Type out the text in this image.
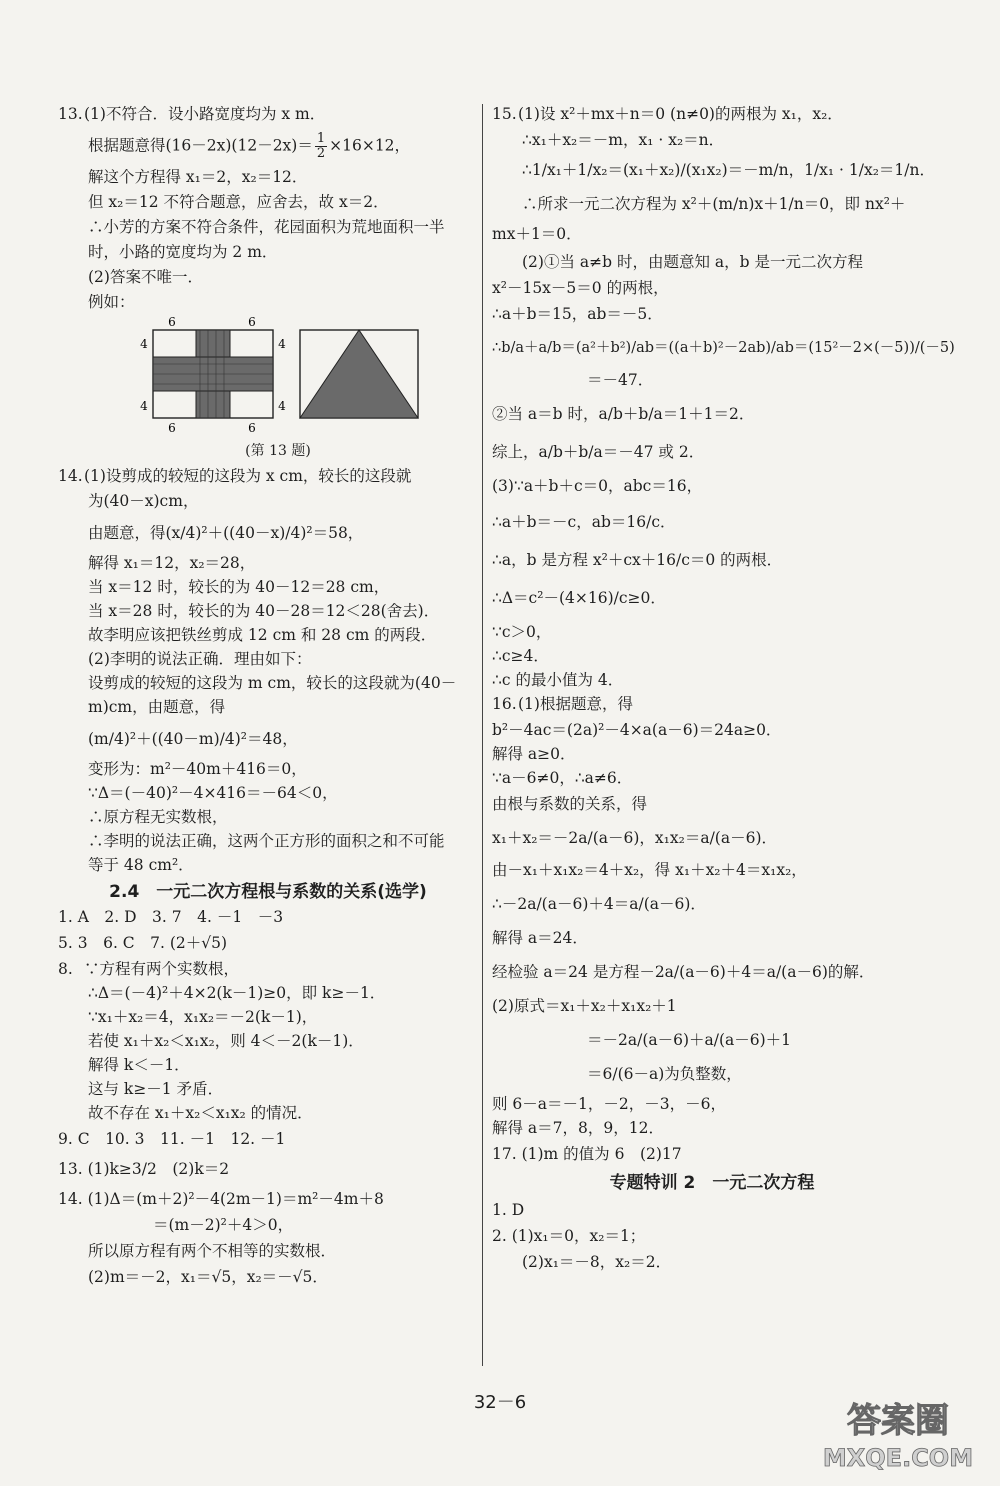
13.(1)不符合．设小路宽度均为 x m．

根据题意得$(16-2x)(12-2x)= \frac{1}{2} \times 16\times 12$，

解这个方程得 x₁＝2，x₂＝12．

但 x₂＝12 不符合题意，应舍去，故 x＝2．

∴小芳的方案不符合条件，花园面积为荒地面积一半

时，小路的宽度均为 2 m．

(2)答案不唯一．

例如：

6	6
6	6
4
4
4
4
(第 13 题)

14.(1)设剪成的较短的这段为 x cm，较长的这段就

为(40－x)cm，

由题意，得(x/4)²＋((40－x)/4)²＝58，

解得 x₁＝12，x₂＝28，

当 x＝12 时，较长的为 40－12＝28 cm，

当 x＝28 时，较长的为 40－28＝12＜28(舍去)．

故李明应该把铁丝剪成 12 cm 和 28 cm 的两段．

(2)李明的说法正确．理由如下：

设剪成的较短的这段为 m cm，较长的这段就为(40－

m)cm，由题意，得

(m/4)²＋((40－m)/4)²＝48，

变形为：m²－40m＋416＝0，

∵Δ＝(－40)²－4×416＝－64＜0，

∴原方程无实数根，

∴李明的说法正确，这两个正方形的面积之和不可能

等于 48 cm²．

2.4　一元二次方程根与系数的关系(选学)

1. A　2. D　3. 7　4. －1　－3

5. 3　6. C　7. (2＋√5)

8. ∵方程有两个实数根，

∴Δ＝(－4)²＋4×2(k－1)≥0，即 k≥－1．

∵x₁＋x₂＝4，x₁x₂＝－2(k－1)，

若使 x₁＋x₂＜x₁x₂，则 4＜－2(k－1)．

解得 k＜－1．

这与 k≥－1 矛盾．

故不存在 x₁＋x₂＜x₁x₂ 的情况．

9. C　10. 3　11. －1　12. －1

13. (1)k≥3/2　(2)k＝2

14. (1)Δ＝(m＋2)²－4(2m－1)＝m²－4m＋8

＝(m－2)²＋4＞0，

所以原方程有两个不相等的实数根．

(2)m＝－2，x₁＝√5，x₂＝－√5．

15.(1)设 x²＋mx＋n＝0 (n≠0)的两根为 x₁，x₂．

∴x₁＋x₂＝－m，x₁ · x₂＝n．

∴1/x₁＋1/x₂＝(x₁＋x₂)/(x₁x₂)＝－m/n，1/x₁ · 1/x₂＝1/n．

∴所求一元二次方程为 x²＋(m/n)x＋1/n＝0，即 nx²＋

mx＋1＝0．

(2)①当 a≠b 时，由题意知 a，b 是一元二次方程

x²－15x－5＝0 的两根，

∴a＋b＝15，ab＝－5．

∴b/a＋a/b＝(a²＋b²)/ab＝((a＋b)²－2ab)/ab＝(15²－2×(－5))/(－5)

＝－47．

②当 a＝b 时，a/b＋b/a＝1＋1＝2．

综上，a/b＋b/a＝－47 或 2．

(3)∵a＋b＋c＝0，abc＝16，

∴a＋b＝－c，ab＝16/c．

∴a，b 是方程 x²＋cx＋16/c＝0 的两根．

∴Δ＝c²－(4×16)/c≥0．

∵c＞0，

∴c≥4．

∴c 的最小值为 4．

16.(1)根据题意，得

b²－4ac＝(2a)²－4×a(a－6)＝24a≥0．

解得 a≥0．

∵a－6≠0，∴a≠6．

由根与系数的关系，得

x₁＋x₂＝－2a/(a－6)，x₁x₂＝a/(a－6)．

由－x₁＋x₁x₂＝4＋x₂，得 x₁＋x₂＋4＝x₁x₂，

∴－2a/(a－6)＋4＝a/(a－6)．

解得 a＝24．

经检验 a＝24 是方程－2a/(a－6)＋4＝a/(a－6)的解．

(2)原式＝x₁＋x₂＋x₁x₂＋1

＝－2a/(a－6)＋a/(a－6)＋1

＝6/(6－a)为负整数，

则 6－a＝－1，－2，－3，－6，

解得 a＝7，8，9，12．

17. (1)m 的值为 6　(2)17

专题特训 2　一元二次方程

1. D

2. (1)x₁＝0，x₂＝1；

(2)x₁＝－8，x₂＝2．

32－6	答案圈
MXQE.COM
